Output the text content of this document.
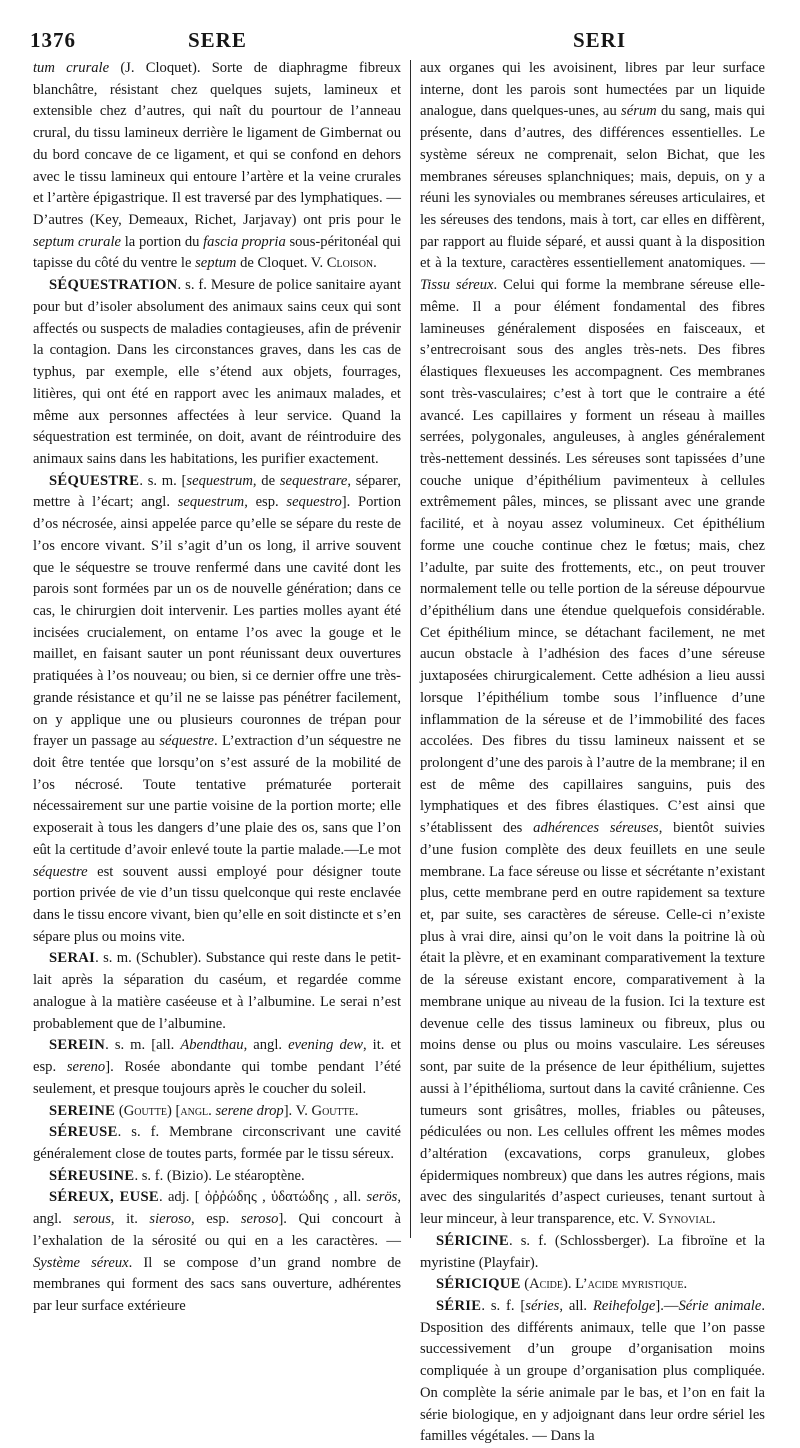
1376	SERE	SERI

tum crurale (J. Cloquet). Sorte de diaphragme fibreux blanchâtre, résistant chez quelques sujets, lamineux et extensible chez d’autres, qui naît du pourtour de l’anneau crural, du tissu lamineux derrière le ligament de Gimbernat ou du bord concave de ce ligament, et qui se confond en dehors avec le tissu lamineux qui entoure l’artère et la veine crurales et l’artère épigastrique. Il est traversé par des lymphatiques. — D’autres (Key, Demeaux, Richet, Jarjavay) ont pris pour le septum crurale la portion du fascia propria sous-péritonéal qui tapisse du côté du ventre le septum de Cloquet. V. Cloison.

SÉQUESTRATION. s. f. Mesure de police sanitaire ayant pour but d’isoler absolument des animaux sains ceux qui sont affectés ou suspects de maladies contagieuses, afin de prévenir la contagion. Dans les circonstances graves, dans les cas de typhus, par exemple, elle s’étend aux objets, fourrages, litières, qui ont été en rapport avec les animaux malades, et même aux personnes affectées à leur service. Quand la séquestration est terminée, on doit, avant de réintroduire des animaux sains dans les habitations, les purifier exactement.

SÉQUESTRE. s. m. [sequestrum, de sequestrare, séparer, mettre à l’écart; angl. sequestrum, esp. sequestro]. Portion d’os nécrosée, ainsi appelée parce qu’elle se sépare du reste de l’os encore vivant. S’il s’agit d’un os long, il arrive souvent que le séquestre se trouve renfermé dans une cavité dont les parois sont formées par un os de nouvelle génération; dans ce cas, le chirurgien doit intervenir. Les parties molles ayant été incisées crucialement, on entame l’os avec la gouge et le maillet, en faisant sauter un pont réunissant deux ouvertures pratiquées à l’os nouveau; ou bien, si ce dernier offre une très-grande résistance et qu’il ne se laisse pas pénétrer facilement, on y applique une ou plusieurs couronnes de trépan pour frayer un passage au séquestre. L’extraction d’un séquestre ne doit être tentée que lorsqu’on s’est assuré de la mobilité de l’os nécrosé. Toute tentative prématurée porterait nécessairement sur une partie voisine de la portion morte; elle exposerait à tous les dangers d’une plaie des os, sans que l’on eût la certitude d’avoir enlevé toute la partie malade.—Le mot séquestre est souvent aussi employé pour désigner toute portion privée de vie d’un tissu quelconque qui reste enclavée dans le tissu encore vivant, bien qu’elle en soit distincte et s’en sépare plus ou moins vite.

SERAI. s. m. (Schubler). Substance qui reste dans le petit-lait après la séparation du caséum, et regardée comme analogue à la matière caséeuse et à l’albumine. Le serai n’est probablement que de l’albumine.

SEREIN. s. m. [all. Abendthau, angl. evening dew, it. et esp. sereno]. Rosée abondante qui tombe pendant l’été seulement, et presque toujours après le coucher du soleil.

SEREINE (Goutte) [angl. serene drop]. V. Goutte.

SÉREUSE. s. f. Membrane circonscrivant une cavité généralement close de toutes parts, formée par le tissu séreux.

SÉREUSINE. s. f. (Bizio). Le stéaroptène.

SÉREUX, EUSE. adj. [ ὀῤῥώδης , ὑδατώδης , all. serös, angl. serous, it. sieroso, esp. seroso]. Qui concourt à l’exhalation de la sérosité ou qui en a les caractères. — Système séreux. Il se compose d’un grand nombre de membranes qui forment des sacs sans ouverture, adhérentes par leur surface extérieure

aux organes qui les avoisinent, libres par leur surface interne, dont les parois sont humectées par un liquide analogue, dans quelques-unes, au sérum du sang, mais qui présente, dans d’autres, des différences essentielles. Le système séreux ne comprenait, selon Bichat, que les membranes séreuses splanchniques; mais, depuis, on y a réuni les synoviales ou membranes séreuses articulaires, et les séreuses des tendons, mais à tort, car elles en diffèrent, par rapport au fluide séparé, et aussi quant à la disposition et à la texture, caractères essentiellement anatomiques. — Tissu séreux. Celui qui forme la membrane séreuse elle-même. Il a pour élément fondamental des fibres lamineuses généralement disposées en faisceaux, et s’entrecroisant sous des angles très-nets. Des fibres élastiques flexueuses les accompagnent. Ces membranes sont très-vasculaires; c’est à tort que le contraire a été avancé. Les capillaires y forment un réseau à mailles serrées, polygonales, anguleuses, à angles généralement très-nettement dessinés. Les séreuses sont tapissées d’une couche unique d’épithélium pavimenteux à cellules extrêmement pâles, minces, se plissant avec une grande facilité, et à noyau assez volumineux. Cet épithélium forme une couche continue chez le fœtus; mais, chez l’adulte, par suite des frottements, etc., on peut trouver normalement telle ou telle portion de la séreuse dépourvue d’épithélium dans une étendue quelquefois considérable. Cet épithélium mince, se détachant facilement, ne met aucun obstacle à l’adhésion des faces d’une séreuse juxtaposées chirurgicalement. Cette adhésion a lieu aussi lorsque l’épithélium tombe sous l’influence d’une inflammation de la séreuse et de l’immobilité des faces accolées. Des fibres du tissu lamineux naissent et se prolongent d’une des parois à l’autre de la membrane; il en est de même des capillaires sanguins, puis des lymphatiques et des fibres élastiques. C’est ainsi que s’établissent des adhérences séreuses, bientôt suivies d’une fusion complète des deux feuillets en une seule membrane. La face séreuse ou lisse et sécrétante n’existant plus, cette membrane perd en outre rapidement sa texture et, par suite, ses caractères de séreuse. Celle-ci n’existe plus à vrai dire, ainsi qu’on le voit dans la poitrine là où était la plèvre, et en examinant comparativement la texture de la séreuse existant encore, comparativement à la membrane unique au niveau de la fusion. Ici la texture est devenue celle des tissus lamineux ou fibreux, plus ou moins dense ou plus ou moins vasculaire. Les séreuses sont, par suite de la présence de leur épithélium, sujettes aussi à l’épithélioma, surtout dans la cavité crânienne. Ces tumeurs sont grisâtres, molles, friables ou pâteuses, pédiculées ou non. Les cellules offrent les mêmes modes d’altération (excavations, corps granuleux, globes épidermiques nombreux) que dans les autres régions, mais avec des singularités d’aspect curieuses, tenant surtout à leur minceur, à leur transparence, etc. V. Synovial.

SÉRICINE. s. f. (Schlossberger). La fibroïne et la myristine (Playfair).

SÉRICIQUE (Acide). L’acide myristique.

SÉRIE. s. f. [séries, all. Reihefolge].—Série animale. Dsposition des différents animaux, telle que l’on passe successivement d’un groupe d’organisation moins compliquée à un groupe d’organisation plus compliquée. On complète la série animale par le bas, et l’on en fait la série biologique, en y adjoignant dans leur ordre sériel les familles végétales. — Dans la
